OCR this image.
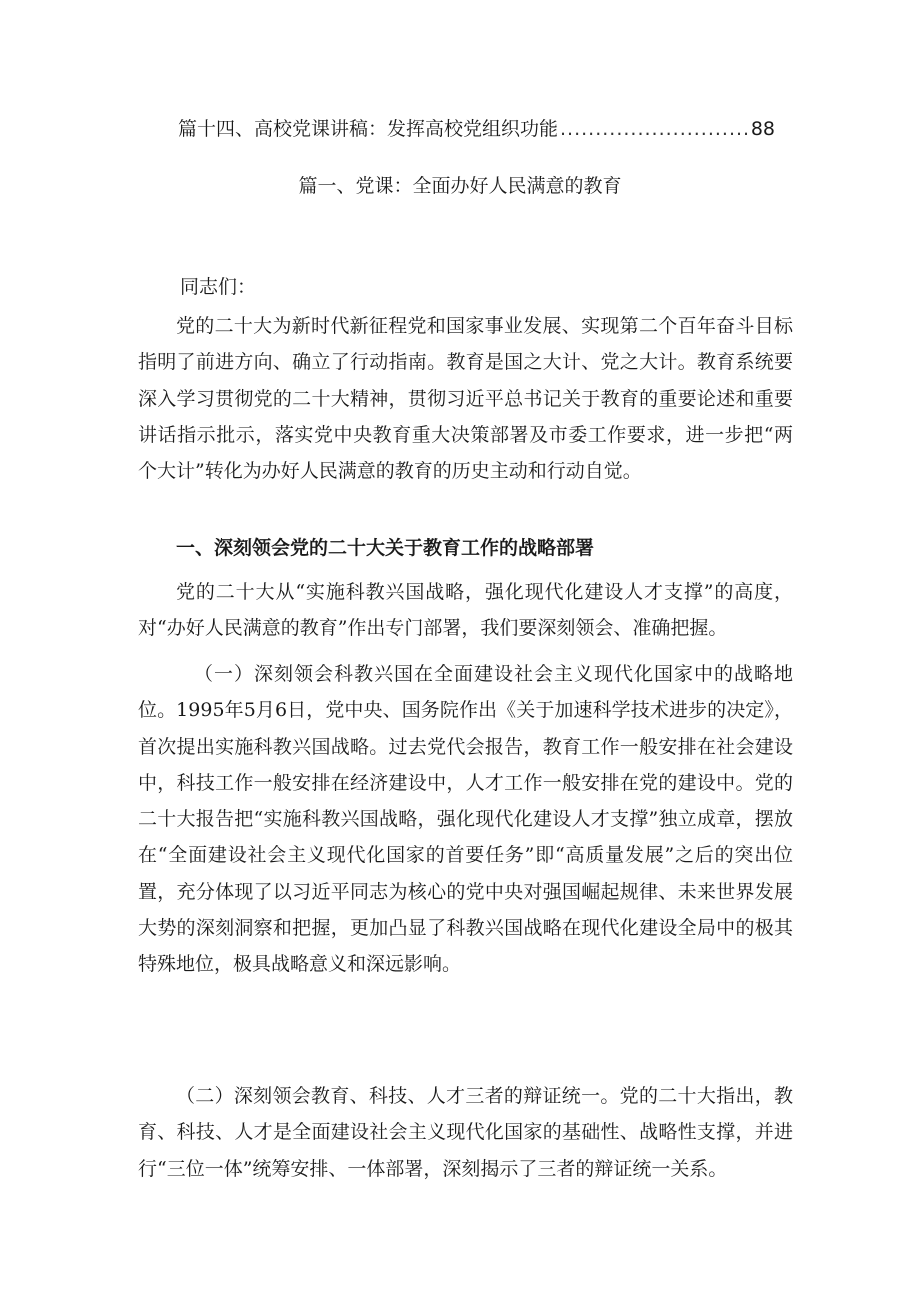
篇十四、高校党课讲稿：发挥高校党组织功能
.....	88
篇一、党课：全面办好人民满意的教育
同志们：

党的二十大为新时代新征程党和国家事业发展、实现第二个百年奋斗目标指明了前进方向、确立了行动指南。教育是国之大计、党之大计。教育系统要深入学习贯彻党的二十大精神，贯彻习近平总书记关于教育的重要论述和重要讲话指示批示，落实党中央教育重大决策部署及市委工作要求，进一步把“两个大计”转化为办好人民满意的教育的历史主动和行动自觉。

一、深刻领会党的二十大关于教育工作的战略部署

党的二十大从“实施科教兴国战略，强化现代化建设人才支撑”的高度，对“办好人民满意的教育”作出专门部署，我们要深刻领会、准确把握。

（一）深刻领会科教兴国在全面建设社会主义现代化国家中的战略地位。1995年5月6日，党中央、国务院作出《关于加速科学技术进步的决定》，首次提出实施科教兴国战略。过去党代会报告，教育工作一般安排在社会建设中，科技工作一般安排在经济建设中，人才工作一般安排在党的建设中。党的二十大报告把“实施科教兴国战略，强化现代化建设人才支撑”独立成章，摆放在“全面建设社会主义现代化国家的首要任务”即“高质量发展”之后的突出位置，充分体现了以习近平同志为核心的党中央对强国崛起规律、未来世界发展大势的深刻洞察和把握，更加凸显了科教兴国战略在现代化建设全局中的极其特殊地位，极具战略意义和深远影响。

（二）深刻领会教育、科技、人才三者的辩证统一。党的二十大指出，教育、科技、人才是全面建设社会主义现代化国家的基础性、战略性支撑，并进行“三位一体”统筹安排、一体部署，深刻揭示了三者的辩证统一关系。
